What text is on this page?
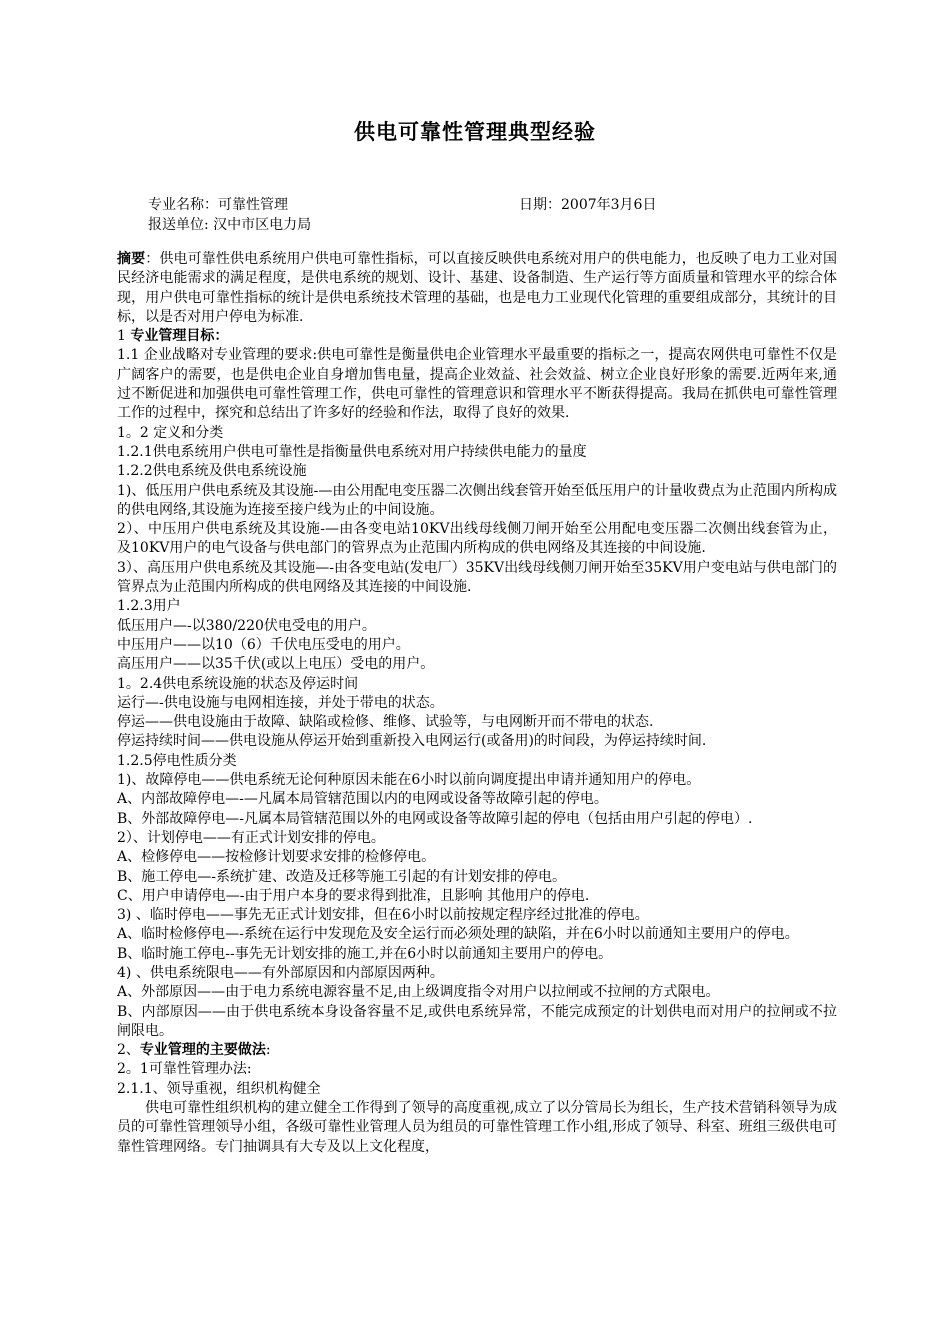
供电可靠性管理典型经验
专业名称：可靠性管理	日期：2007年3月6日
报送单位: 汉中市区电力局

摘要：供电可靠性供电系统用户供电可靠性指标，可以直接反映供电系统对用户的供电能力，也反映了电力工业对国民经济电能需求的满足程度，是供电系统的规划、设计、基建、设备制造、生产运行等方面质量和管理水平的综合体现，用户供电可靠性指标的统计是供电系统技术管理的基础，也是电力工业现代化管理的重要组成部分，其统计的目标，以是否对用户停电为标准.

1 专业管理目标：

1.1 企业战略对专业管理的要求:供电可靠性是衡量供电企业管理水平最重要的指标之一，提高农网供电可靠性不仅是广阔客户的需要，也是供电企业自身增加售电量，提高企业效益、社会效益、树立企业良好形象的需要.近两年来,通过不断促进和加强供电可靠性管理工作，供电可靠性的管理意识和管理水平不断获得提高。我局在抓供电可靠性管理工作的过程中，探究和总结出了许多好的经验和作法，取得了良好的效果.

1。2 定义和分类

1.2.1供电系统用户供电可靠性是指衡量供电系统对用户持续供电能力的量度

1.2.2供电系统及供电系统设施

1)、低压用户供电系统及其设施-—由公用配电变压器二次侧出线套管开始至低压用户的计量收费点为止范围内所构成的供电网络,其设施为连接至接户线为止的中间设施。

2）、中压用户供电系统及其设施-—由各变电站10KV出线母线侧刀闸开始至公用配电变压器二次侧出线套管为止， 及10KV用户的电气设备与供电部门的管界点为止范围内所构成的供电网络及其连接的中间设施.

3）、高压用户供电系统及其设施—-由各变电站(发电厂）35KV出线母线侧刀闸开始至35KV用户变电站与供电部门的管界点为止范围内所构成的供电网络及其连接的中间设施.

1.2.3用户

低压用户—-以380/220伏电受电的用户。

中压用户——以10（6）千伏电压受电的用户。

高压用户——以35千伏(或以上电压）受电的用户。

1。2.4供电系统设施的状态及停运时间

运行—-供电设施与电网相连接，并处于带电的状态。

停运——供电设施由于故障、缺陷或检修、维修、试验等，与电网断开而不带电的状态.

停运持续时间——供电设施从停运开始到重新投入电网运行(或备用)的时间段，为停运持续时间.

1.2.5停电性质分类

1)、故障停电——供电系统无论何种原因未能在6小时以前向调度提出申请并通知用户的停电。

A、内部故障停电—-—凡属本局管辖范围以内的电网或设备等故障引起的停电。

B、外部故障停电—-凡属本局管辖范围以外的电网或设备等故障引起的停电（包括由用户引起的停电）.

2）、计划停电——有正式计划安排的停电。

A、检修停电——按检修计划要求安排的检修停电。

B、施工停电—-系统扩建、改造及迁移等施工引起的有计划安排的停电。

C、用户申请停电—-由于用户本身的要求得到批准，且影响 其他用户的停电.

3) 、临时停电——事先无正式计划安排，但在6小时以前按规定程序经过批准的停电。

A、临时检修停电—-系统在运行中发现危及安全运行而必须处理的缺陷，并在6小时以前通知主要用户的停电。

B、临时施工停电--事先无计划安排的施工,并在6小时以前通知主要用户的停电。

4) 、供电系统限电——有外部原因和内部原因两种。

A、外部原因——由于电力系统电源容量不足,由上级调度指令对用户以拉闸或不拉闸的方式限电。

B、内部原因——由于供电系统本身设备容量不足,或供电系统异常，不能完成预定的计划供电而对用户的拉闸或不拉闸限电。

2、专业管理的主要做法:

2。1可靠性管理办法:

2.1.1、领导重视，组织机构健全

供电可靠性组织机构的建立健全工作得到了领导的高度重视,成立了以分管局长为组长，生产技术营销科领导为成员的可靠性管理领导小组，各级可靠性业管理人员为组员的可靠性管理工作小组,形成了领导、科室、班组三级供电可靠性管理网络。专门抽调具有大专及以上文化程度，
